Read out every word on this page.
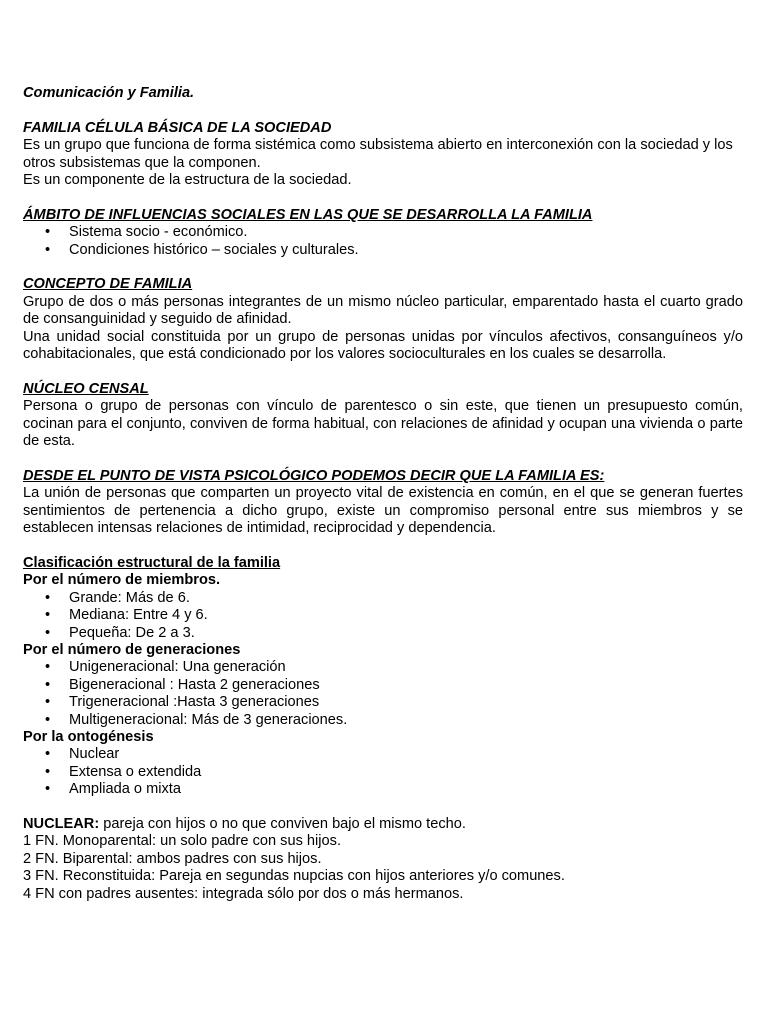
Comunicación y Familia.

FAMILIA CÉLULA BÁSICA DE LA SOCIEDAD

Es un grupo que funciona de forma sistémica como subsistema abierto en interconexión con la sociedad y los otros subsistemas que la componen.

Es un componente de la estructura de la sociedad.

ÁMBITO DE INFLUENCIAS SOCIALES EN LAS QUE SE DESARROLLA LA FAMILIA

• Sistema socio - económico.
• Condiciones histórico – sociales y culturales.

CONCEPTO DE FAMILIA

Grupo de dos o más personas integrantes de un mismo núcleo particular, emparentado hasta el cuarto grado de consanguinidad y seguido de afinidad.

Una unidad social constituida por un grupo de personas unidas por vínculos afectivos, consanguíneos y/o cohabitacionales, que está condicionado por los valores socioculturales en los cuales se desarrolla.

NÚCLEO CENSAL

Persona o grupo de personas con vínculo de parentesco o sin este, que tienen un presupuesto común, cocinan para el conjunto, conviven de forma habitual, con relaciones de afinidad y ocupan una vivienda o parte de esta.

DESDE EL PUNTO DE VISTA PSICOLÓGICO PODEMOS DECIR QUE LA FAMILIA ES:

La unión de personas que comparten un proyecto vital de existencia en común, en el que se generan fuertes sentimientos de pertenencia a dicho grupo, existe un compromiso personal entre sus miembros y se establecen intensas relaciones de intimidad, reciprocidad y dependencia.

Clasificación estructural de la familia

Por el número de miembros.

• Grande: Más de 6.
• Mediana: Entre 4 y 6.
• Pequeña: De 2 a 3.

Por el número de generaciones

• Unigeneracional: Una generación
• Bigeneracional : Hasta 2 generaciones
• Trigeneracional :Hasta 3 generaciones
• Multigeneracional: Más de 3 generaciones.

Por la ontogénesis

• Nuclear
• Extensa o extendida
• Ampliada o mixta

NUCLEAR: pareja con hijos o no que conviven bajo el mismo techo.

1 FN. Monoparental: un solo padre con sus hijos.

2 FN. Biparental: ambos padres con sus hijos.

3 FN. Reconstituida: Pareja en segundas nupcias con hijos anteriores y/o comunes.

4 FN con padres ausentes: integrada sólo por dos o más hermanos.
